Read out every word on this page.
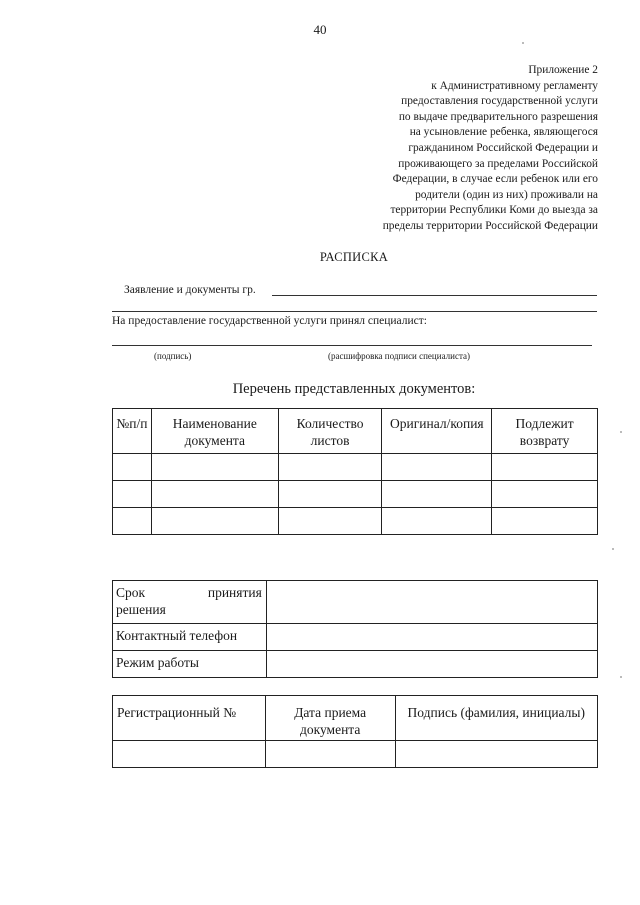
40
Приложение 2
к Административному регламенту
предоставления государственной услуги
по выдаче предварительного разрешения
на усыновление ребенка, являющегося
гражданином Российской Федерации и
проживающего за пределами Российской
Федерации, в случае если ребенок или его
родители (один из них) проживали на
территории Республики Коми до выезда за
пределы территории Российской Федерации
РАСПИСКА
Заявление и документы гр.
На предоставление государственной услуги принял специалист:
(подпись)	(расшифровка подписи специалиста)
Перечень представленных документов:
№п/п	Наименование документа	Количество листов	Оригинал/копия	Подлежит возврату

Срок принятия
решения	

Контактный телефон	
Режим работы	
Регистрационный №	Дата приема документа	Подпись (фамилия, инициалы)
